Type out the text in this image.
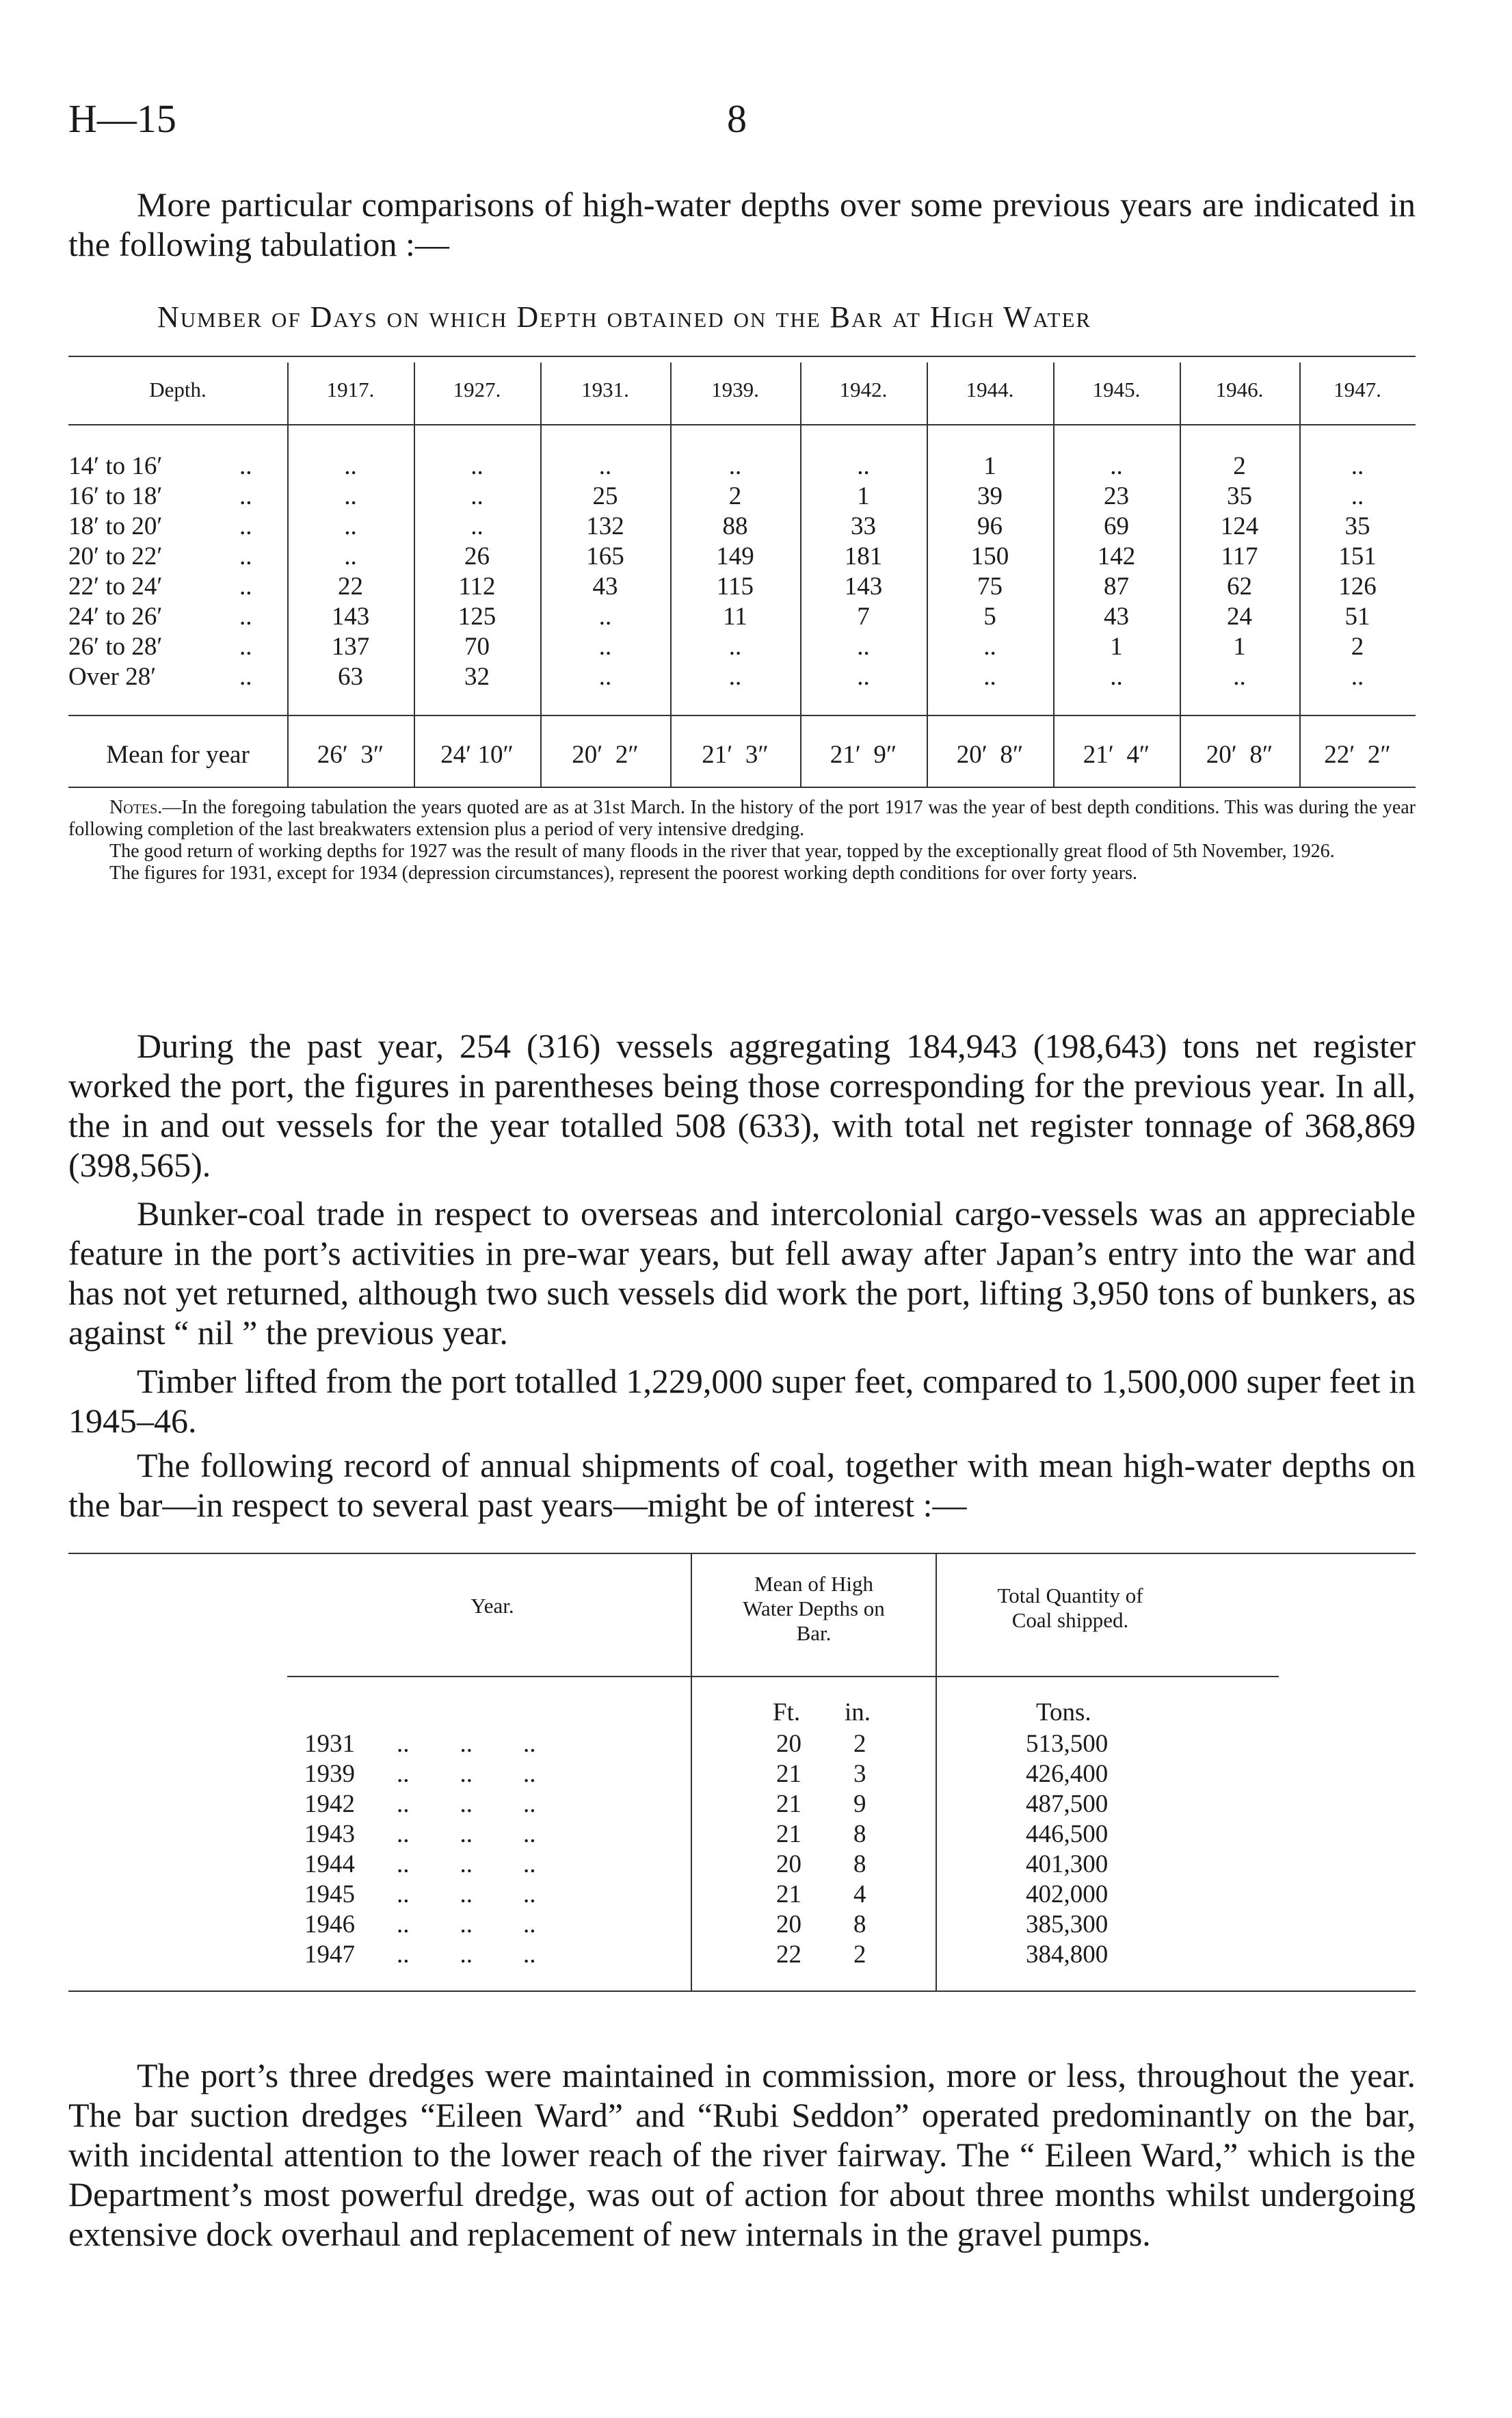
H—15	8
More particular comparisons of high-water depths over some previous years are indicated in the following tabulation :—
Number of Days on which Depth obtained on the Bar at High Water
Depth.	1917.	1927.	1931.	1939.	1942.	1944.	1945.	1946.	1947.
14′ to 16′	..	..	..	..	..	..	1	..	2	..
16′ to 18′	..	..	..	25	2	1	39	23	35	..
18′ to 20′	..	..	..	132	88	33	96	69	124	35
20′ to 22′	..	..	26	165	149	181	150	142	117	151
22′ to 24′	..	22	112	43	115	143	75	87	62	126
24′ to 26′	..	143	125	..	11	7	5	43	24	51
26′ to 28′	..	137	70	..	..	..	..	1	1	2
Over 28′	..	63	32	..	..	..	..	..	..	..
Mean for year	26′  3″	24′ 10″	20′  2″	21′  3″	21′  9″	20′  8″	21′  4″	20′  8″	22′  2″

Notes.—In the foregoing tabulation the years quoted are as at 31st March. In the history of the port 1917 was the year of best depth conditions. This was during the year following completion of the last breakwaters extension plus a period of very intensive dredging.

The good return of working depths for 1927 was the result of many floods in the river that year, topped by the exceptionally great flood of 5th November, 1926.

The figures for 1931, except for 1934 (depression circumstances), represent the poorest working depth conditions for over forty years.

During the past year, 254 (316) vessels aggregating 184,943 (198,643) tons net register worked the port, the figures in parentheses being those corresponding for the previous year. In all, the in and out vessels for the year totalled 508 (633), with total net register tonnage of 368,869 (398,565).
Bunker-coal trade in respect to overseas and intercolonial cargo-vessels was an appreciable feature in the port’s activities in pre-war years, but fell away after Japan’s entry into the war and has not yet returned, although two such vessels did work the port, lifting 3,950 tons of bunkers, as against “ nil ” the previous year.
Timber lifted from the port totalled 1,229,000 super feet, compared to 1,500,000 super feet in 1945–46.
The following record of annual shipments of coal, together with mean high-water depths on the bar—in respect to several past years—might be of interest :—
Year.
Mean of High
Water Depths on
Bar.
Total Quantity of
Coal shipped.
Ft. in.	Tons.
1931 ..        ..        ..	20 2	513,500
1939 ..        ..        ..	21 3	426,400
1942 ..        ..        ..	21 9	487,500
1943 ..        ..        ..	21 8	446,500
1944 ..        ..        ..	20 8	401,300
1945 ..        ..        ..	21 4	402,000
1946 ..        ..        ..	20 8	385,300
1947 ..        ..        ..	22 2	384,800
The port’s three dredges were maintained in commission, more or less, throughout the year. The bar suction dredges “Eileen Ward” and “Rubi Seddon” operated predominantly on the bar, with incidental attention to the lower reach of the river fairway. The “ Eileen Ward,” which is the Department’s most powerful dredge, was out of action for about three months whilst undergoing extensive dock overhaul and replacement of new internals in the gravel pumps.
